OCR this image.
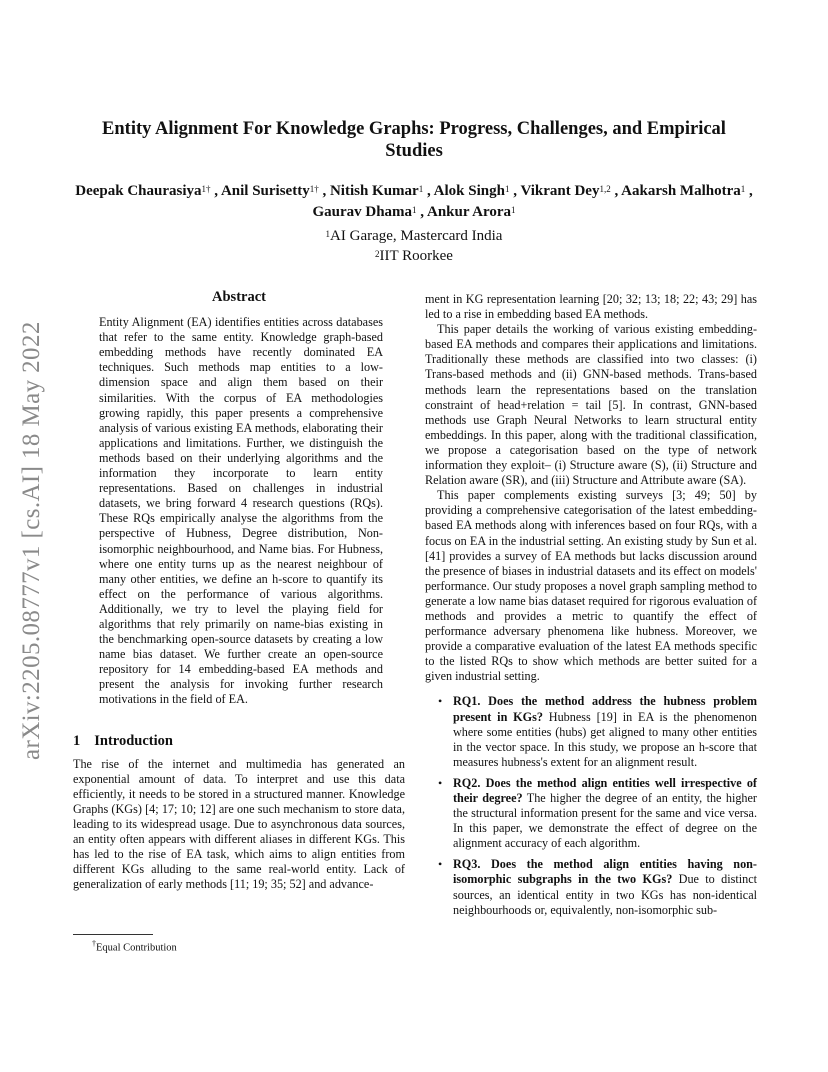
arXiv:2205.08777v1 [cs.AI] 18 May 2022
Entity Alignment For Knowledge Graphs: Progress, Challenges, and Empirical Studies
Deepak Chaurasiya$^{1\dagger}$ , Anil Surisetty$^{1\dagger}$ , Nitish Kumar$^1$ , Alok Singh$^1$ , Vikrant Dey$^{1,2}$ , Aakarsh Malhotra$^1$ , Gaurav Dhama$^1$ , Ankur Arora$^1$
$^1$AI Garage, Mastercard India
$^2$IIT Roorkee
Abstract

Entity Alignment (EA) identifies entities across databases that refer to the same entity. Knowledge graph-based embedding methods have recently dominated EA techniques. Such methods map entities to a low-dimension space and align them based on their similarities. With the corpus of EA methodologies growing rapidly, this paper presents a comprehensive analysis of various existing EA methods, elaborating their applications and limitations. Further, we distinguish the methods based on their underlying algorithms and the information they incorporate to learn entity representations. Based on challenges in industrial datasets, we bring forward 4 research questions (RQs). These RQs empirically analyse the algorithms from the perspective of Hubness, Degree distribution, Non-isomorphic neighbourhood, and Name bias. For Hubness, where one entity turns up as the nearest neighbour of many other entities, we define an h-score to quantify its effect on the performance of various algorithms. Additionally, we try to level the playing field for algorithms that rely primarily on name-bias existing in the benchmarking open-source datasets by creating a low name bias dataset. We further create an open-source repository for 14 embedding-based EA methods and present the analysis for invoking further research motivations in the field of EA.

1 Introduction

The rise of the internet and multimedia has generated an exponential amount of data. To interpret and use this data efficiently, it needs to be stored in a structured manner. Knowledge Graphs (KGs) [4; 17; 10; 12] are one such mechanism to store data, leading to its widespread usage. Due to asynchronous data sources, an entity often appears with different aliases in different KGs. This has led to the rise of EA task, which aims to align entities from different KGs alluding to the same real-world entity. Lack of generalization of early methods [11; 19; 35; 52] and advance-

ment in KG representation learning [20; 32; 13; 18; 22; 43; 29] has led to a rise in embedding based EA methods.

This paper details the working of various existing embedding-based EA methods and compares their applications and limitations. Traditionally these methods are classified into two classes: (i) Trans-based methods and (ii) GNN-based methods. Trans-based methods learn the representations based on the translation constraint of head+relation = tail [5]. In contrast, GNN-based methods use Graph Neural Networks to learn structural entity embeddings. In this paper, along with the traditional classification, we propose a categorisation based on the type of network information they exploit– (i) Structure aware (S), (ii) Structure and Relation aware (SR), and (iii) Structure and Attribute aware (SA).

This paper complements existing surveys [3; 49; 50] by providing a comprehensive categorisation of the latest embedding-based EA methods along with inferences based on four RQs, with a focus on EA in the industrial setting. An existing study by Sun et al. [41] provides a survey of EA methods but lacks discussion around the presence of biases in industrial datasets and its effect on models' performance. Our study proposes a novel graph sampling method to generate a low name bias dataset required for rigorous evaluation of methods and provides a metric to quantify the effect of performance adversary phenomena like hubness. Moreover, we provide a comparative evaluation of the latest EA methods specific to the listed RQs to show which methods are better suited for a given industrial setting.

• RQ1. Does the method address the hubness problem present in KGs? Hubness [19] in EA is the phenomenon where some entities (hubs) get aligned to many other entities in the vector space. In this study, we propose an h-score that measures hubness's extent for an alignment result.
• RQ2. Does the method align entities well irrespective of their degree? The higher the degree of an entity, the higher the structural information present for the same and vice versa. In this paper, we demonstrate the effect of degree on the alignment accuracy of each algorithm.
• RQ3. Does the method align entities having non-isomorphic subgraphs in the two KGs? Due to distinct sources, an identical entity in two KGs has non-identical neighbourhoods or, equivalently, non-isomorphic sub-
†Equal Contribution
